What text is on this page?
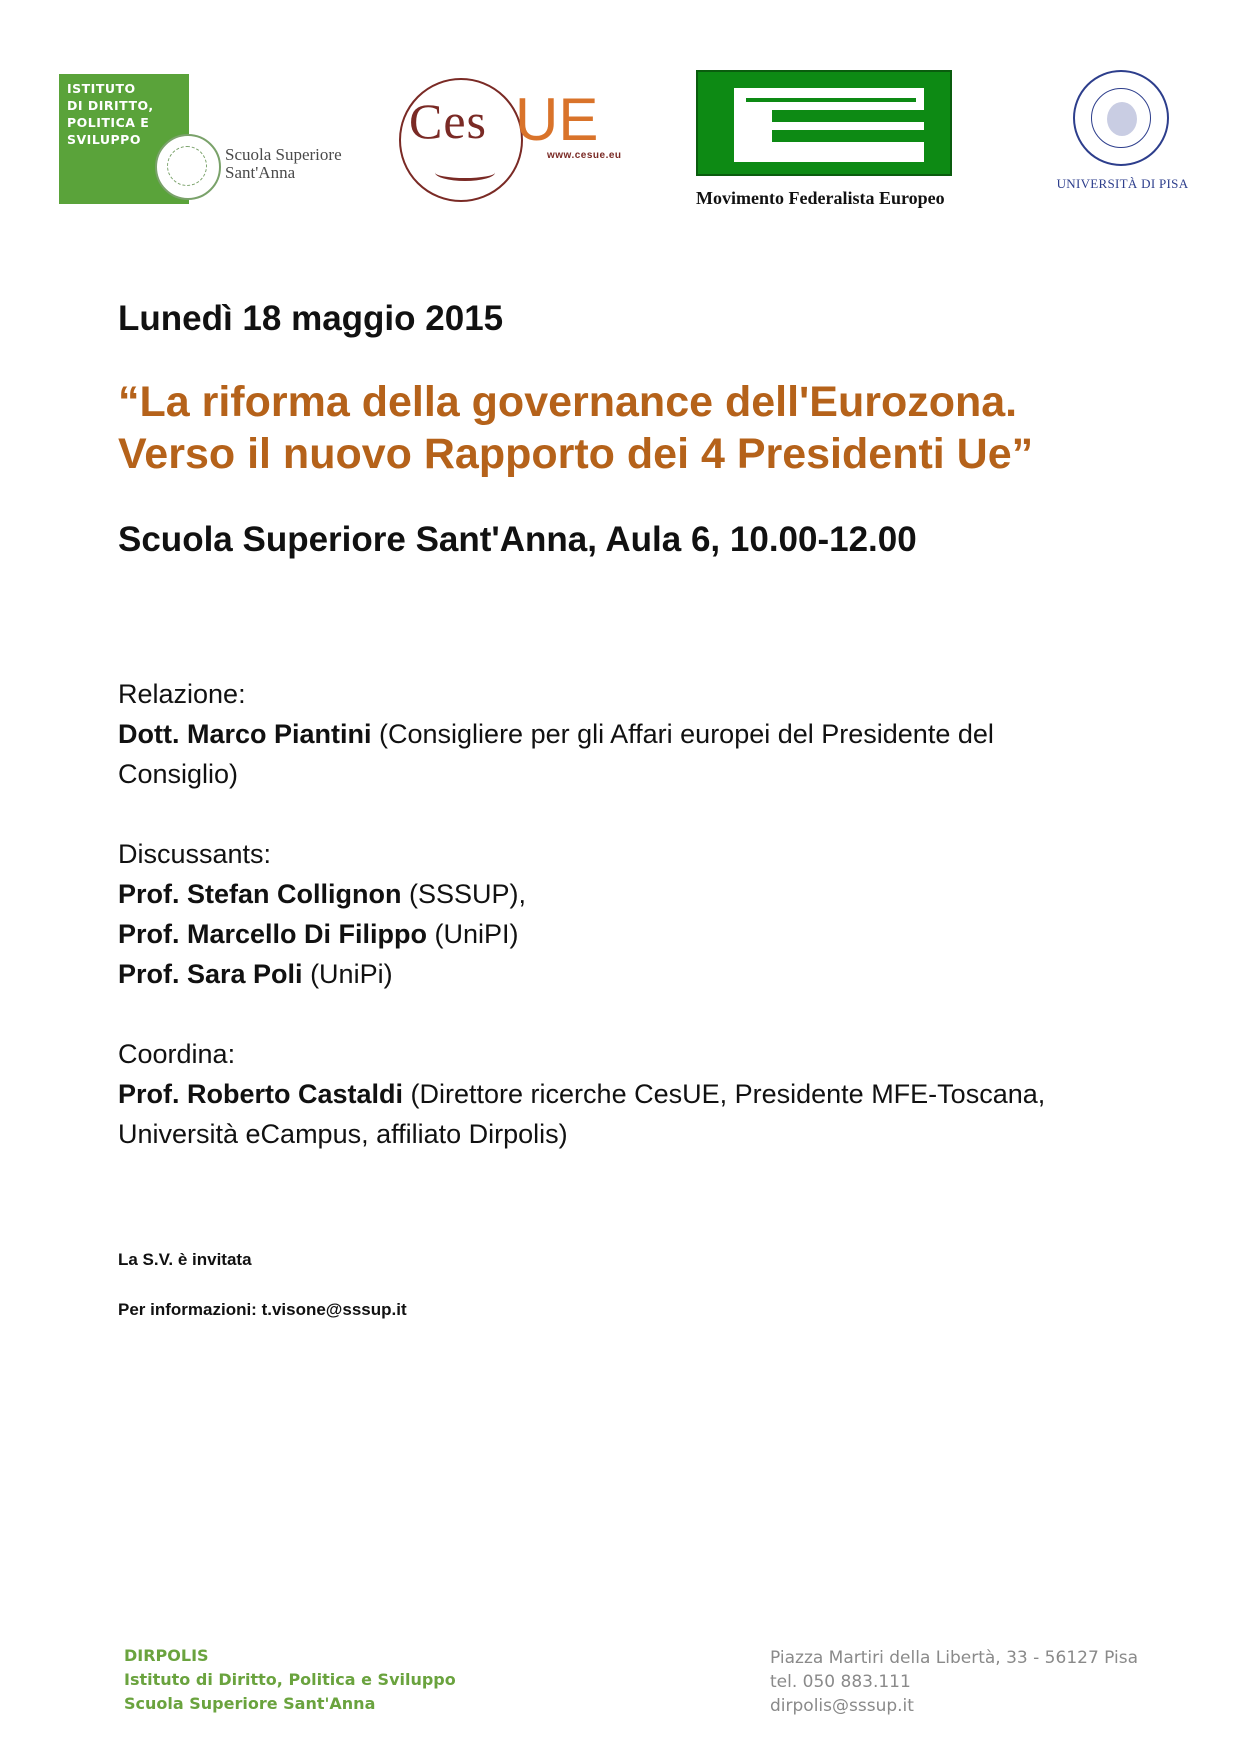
ISTITUTO
DI DIRITTO,
POLITICA E
SVILUPPO
Scuola Superiore
Sant'Anna
Ces UE
www.cesue.eu
Movimento Federalista Europeo
UNIVERSITÀ DI PISA
Lunedì 18 maggio 2015
“La riforma della governance dell'Eurozona.
Verso il nuovo Rapporto dei 4 Presidenti Ue”
Scuola Superiore Sant'Anna, Aula 6, 10.00-12.00
Relazione:
Dott. Marco Piantini (Consigliere per gli Affari europei del Presidente del Consiglio)
Discussants:
Prof. Stefan Collignon (SSSUP),
Prof. Marcello Di Filippo (UniPI)
Prof. Sara Poli (UniPi)
Coordina:
Prof. Roberto Castaldi (Direttore ricerche CesUE, Presidente MFE-Toscana, Università eCampus, affiliato Dirpolis)
La S.V. è invitata
Per informazioni: t.visone@sssup.it
DIRPOLIS
Istituto di Diritto, Politica e Sviluppo
Scuola Superiore Sant'Anna
Piazza Martiri della Libertà, 33 - 56127 Pisa
tel. 050 883.111
dirpolis@sssup.it
